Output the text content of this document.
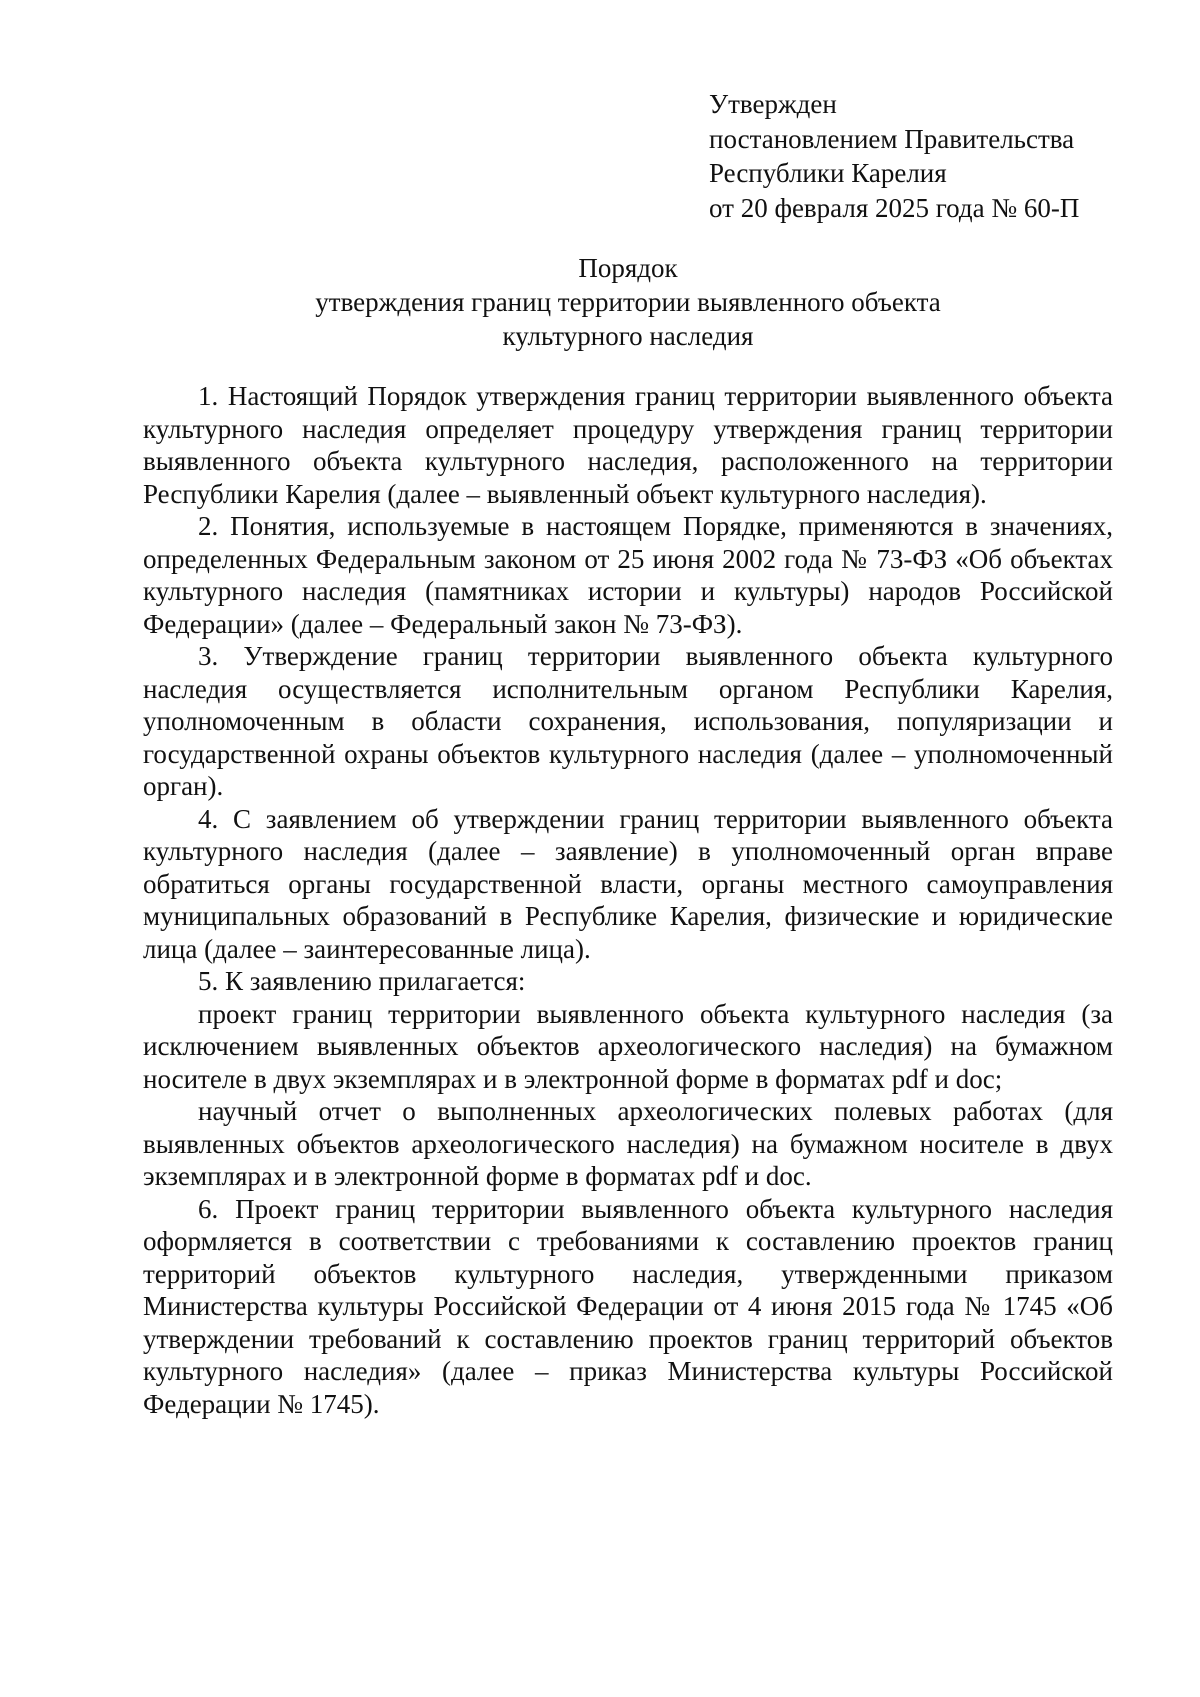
Утвержден
постановлением Правительства
Республики Карелия
от 20 февраля 2025 года № 60-П
Порядок
утверждения границ территории выявленного объекта
культурного наследия

1. Настоящий Порядок утверждения границ территории выявленного объекта культурного наследия определяет процедуру утверждения границ территории выявленного объекта культурного наследия, расположенного на территории Республики Карелия (далее – выявленный объект культурного наследия).

2. Понятия, используемые в настоящем Порядке, применяются в значениях, определенных Федеральным законом от 25 июня 2002 года № 73-ФЗ «Об объектах культурного наследия (памятниках истории и культуры) народов Российской Федерации» (далее – Федеральный закон № 73-ФЗ).

3. Утверждение границ территории выявленного объекта культурного наследия осуществляется исполнительным органом Республики Карелия, уполномоченным в области сохранения, использования, популяризации и государственной охраны объектов культурного наследия (далее – уполномоченный орган).

4. С заявлением об утверждении границ территории выявленного объекта культурного наследия (далее – заявление) в уполномоченный орган вправе обратиться органы государственной власти, органы местного самоуправления муниципальных образований в Республике Карелия, физические и юридические лица (далее – заинтересованные лица).

5. К заявлению прилагается:

проект границ территории выявленного объекта культурного наследия (за исключением выявленных объектов археологического наследия) на бумажном носителе в двух экземплярах и в электронной форме в форматах pdf и doc;

научный отчет о выполненных археологических полевых работах (для выявленных объектов археологического наследия) на бумажном носителе в двух экземплярах и в электронной форме в форматах pdf и doc.

6. Проект границ территории выявленного объекта культурного наследия оформляется в соответствии с требованиями к составлению проектов границ территорий объектов культурного наследия, утвержденными приказом Министерства культуры Российской Федерации от 4 июня 2015 года № 1745 «Об утверждении требований к составлению проектов границ территорий объектов культурного наследия» (далее – приказ Министерства культуры Российской Федерации № 1745).
